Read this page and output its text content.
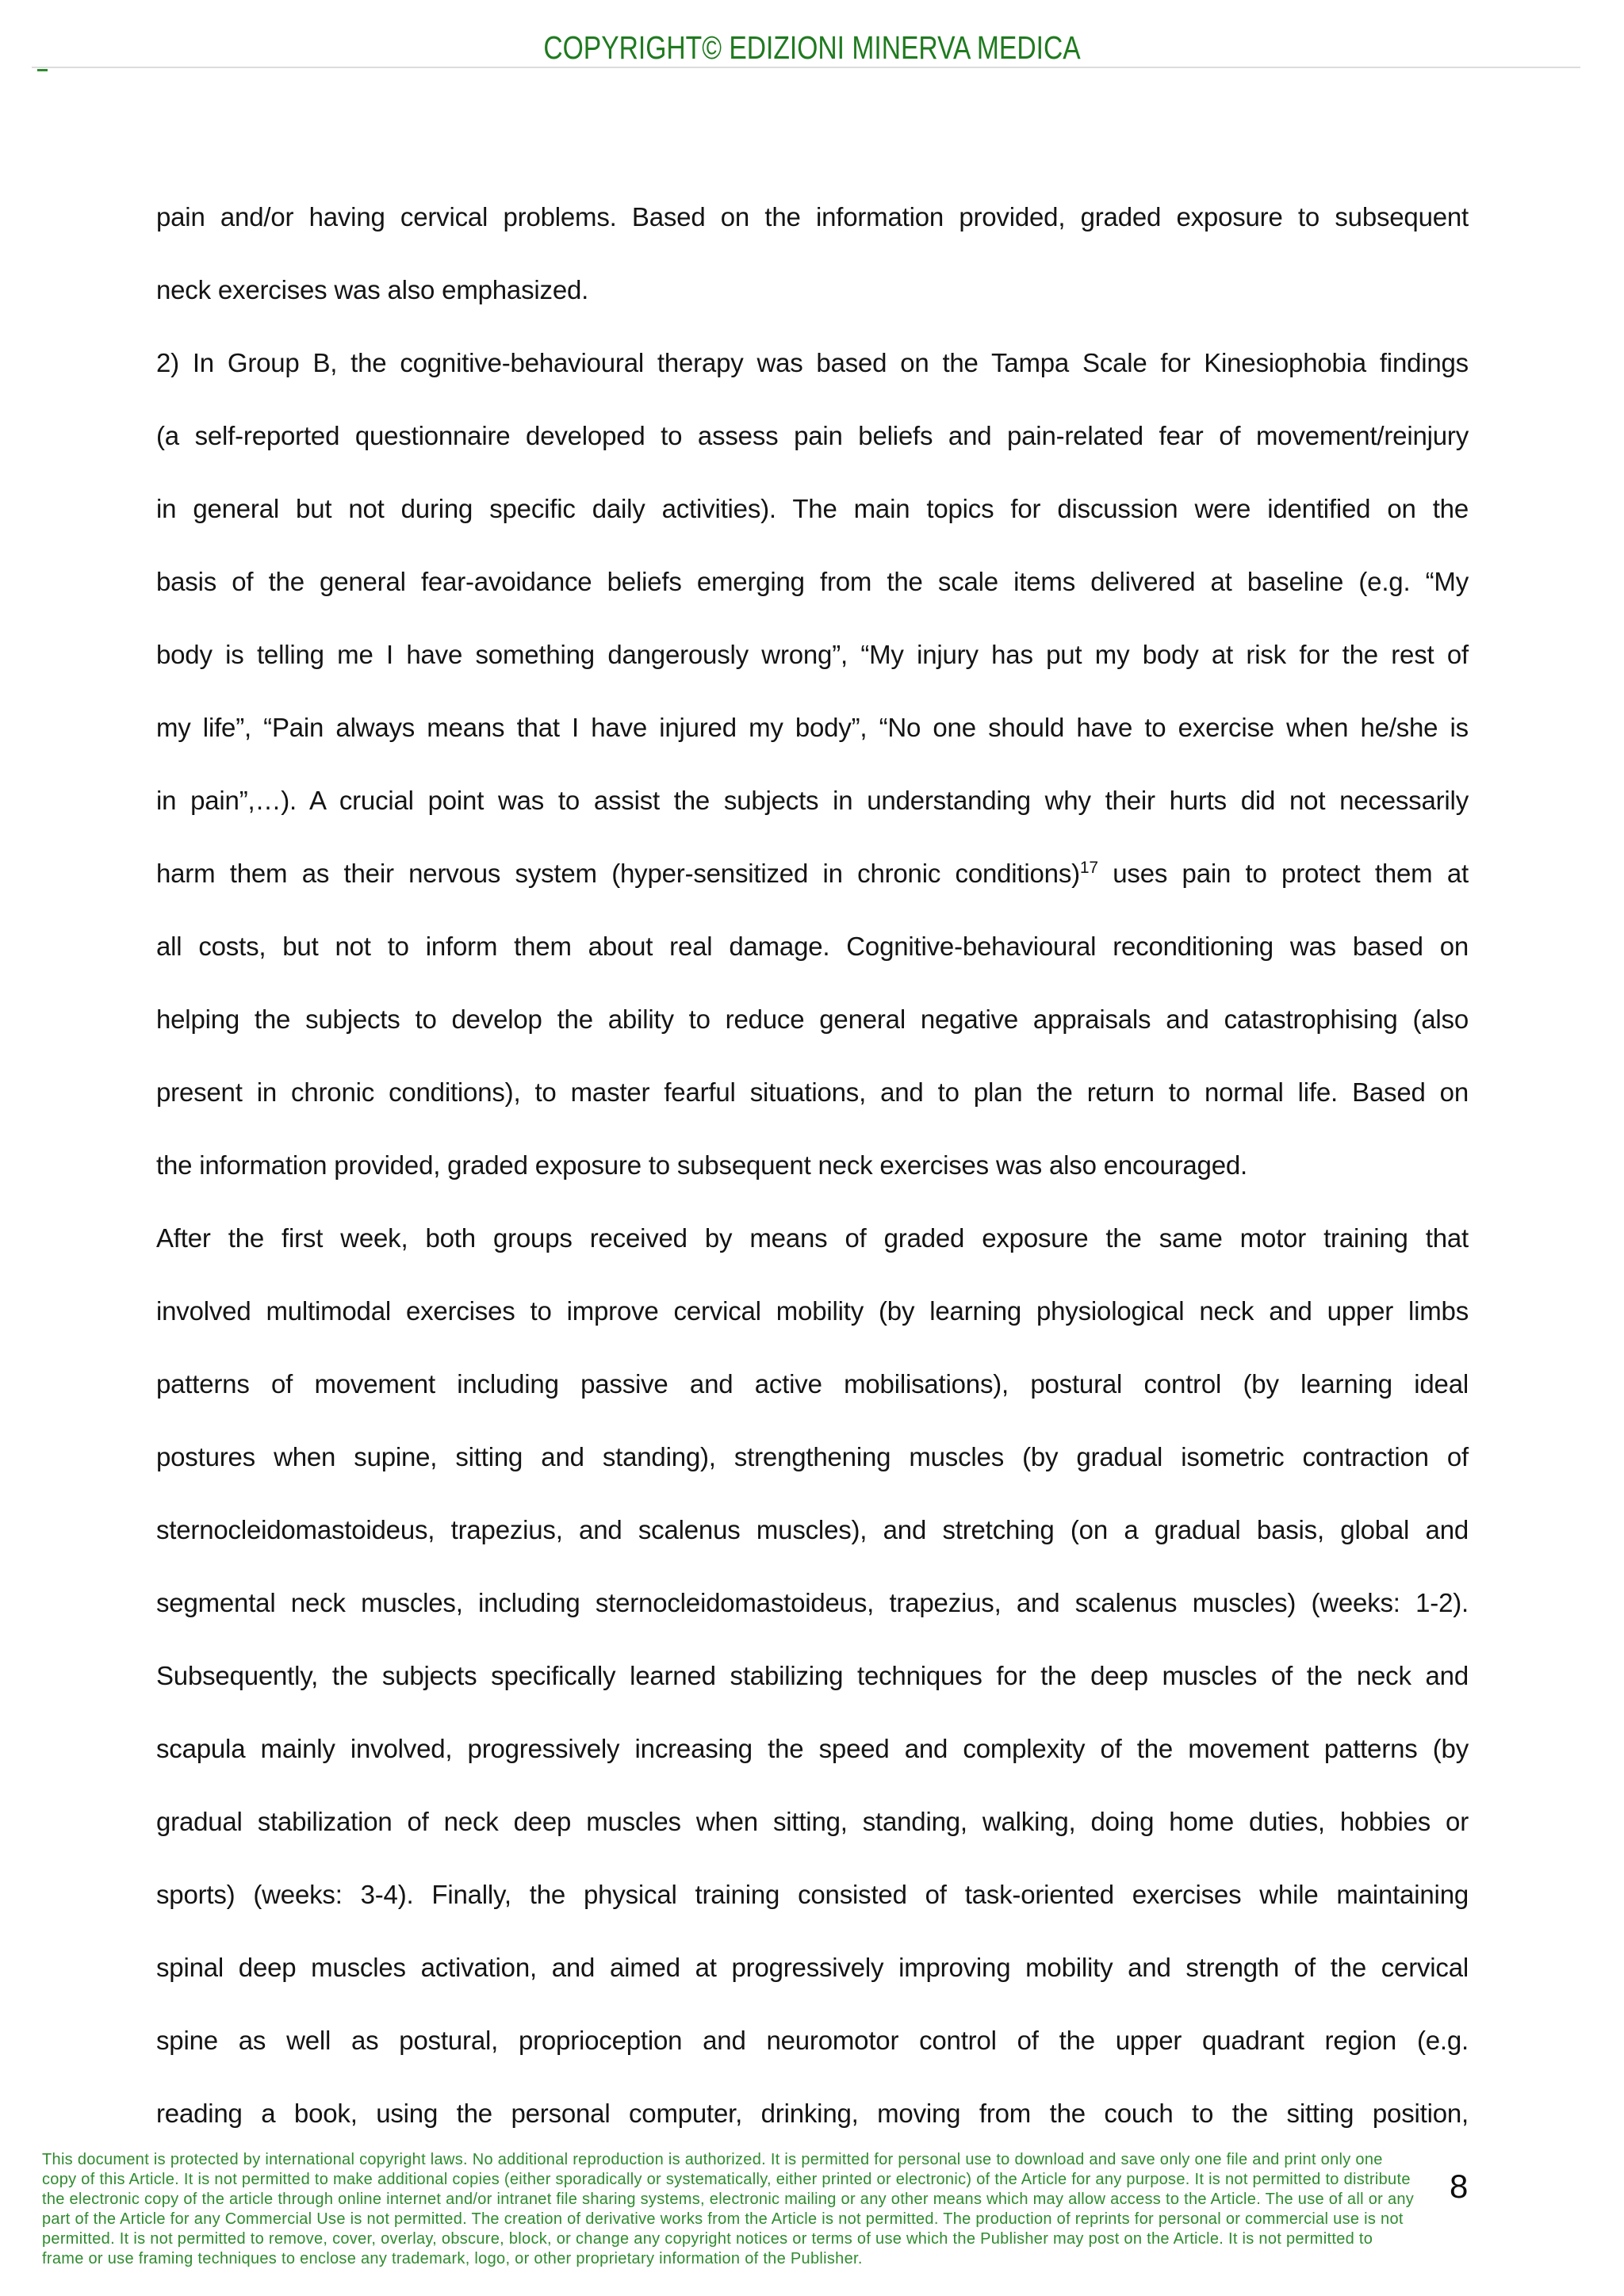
COPYRIGHT© EDIZIONI MINERVA MEDICA
pain and/or having cervical problems. Based on the information provided, graded exposure to subsequent
neck exercises was also emphasized.
2) In Group B, the cognitive-behavioural therapy was based on the Tampa Scale for Kinesiophobia findings
(a self-reported questionnaire developed to assess pain beliefs and pain-related fear of movement/reinjury
in general but not during specific daily activities). The main topics for discussion were identified on the
basis of the general fear-avoidance beliefs emerging from the scale items delivered at baseline (e.g. “My
body is telling me I have something dangerously wrong”, “My injury has put my body at risk for the rest of
my life”, “Pain always means that I have injured my body”, “No one should have to exercise when he/she is
in pain”,…). A crucial point was to assist the subjects in understanding why their hurts did not necessarily
harm them as their nervous system (hyper-sensitized in chronic conditions)$^{17}$ uses pain to protect them at
all costs, but not to inform them about real damage. Cognitive-behavioural reconditioning was based on
helping the subjects to develop the ability to reduce general negative appraisals and catastrophising (also
present in chronic conditions), to master fearful situations, and to plan the return to normal life. Based on
the information provided, graded exposure to subsequent neck exercises was also encouraged.
After the first week, both groups received by means of graded exposure the same motor training that
involved multimodal exercises to improve cervical mobility (by learning physiological neck and upper limbs
patterns of movement including passive and active mobilisations), postural control (by learning ideal
postures when supine, sitting and standing), strengthening muscles (by gradual isometric contraction of
sternocleidomastoideus, trapezius, and scalenus muscles), and stretching (on a gradual basis, global and
segmental neck muscles, including sternocleidomastoideus, trapezius, and scalenus muscles) (weeks: 1-2).
Subsequently, the subjects specifically learned stabilizing techniques for the deep muscles of the neck and
scapula mainly involved, progressively increasing the speed and complexity of the movement patterns (by
gradual stabilization of neck deep muscles when sitting, standing, walking, doing home duties, hobbies or
sports) (weeks: 3-4). Finally, the physical training consisted of task-oriented exercises while maintaining
spinal deep muscles activation, and aimed at progressively improving mobility and strength of the cervical
spine as well as postural, proprioception and neuromotor control of the upper quadrant region (e.g.
reading a book, using the personal computer, drinking, moving from the couch to the sitting position,
8
This document is protected by international copyright laws. No additional reproduction is authorized. It is permitted for personal use to download and save only one file and print only one
copy of this Article. It is not permitted to make additional copies (either sporadically or systematically, either printed or electronic) of the Article for any purpose. It is not permitted to distribute
the electronic copy of the article through online internet and/or intranet file sharing systems, electronic mailing or any other means which may allow access to the Article. The use of all or any
part of the Article for any Commercial Use is not permitted. The creation of derivative works from the Article is not permitted. The production of reprints for personal or commercial use is not
permitted. It is not permitted to remove, cover, overlay, obscure, block, or change any copyright notices or terms of use which the Publisher may post on the Article. It is not permitted to
frame or use framing techniques to enclose any trademark, logo, or other proprietary information of the Publisher.
